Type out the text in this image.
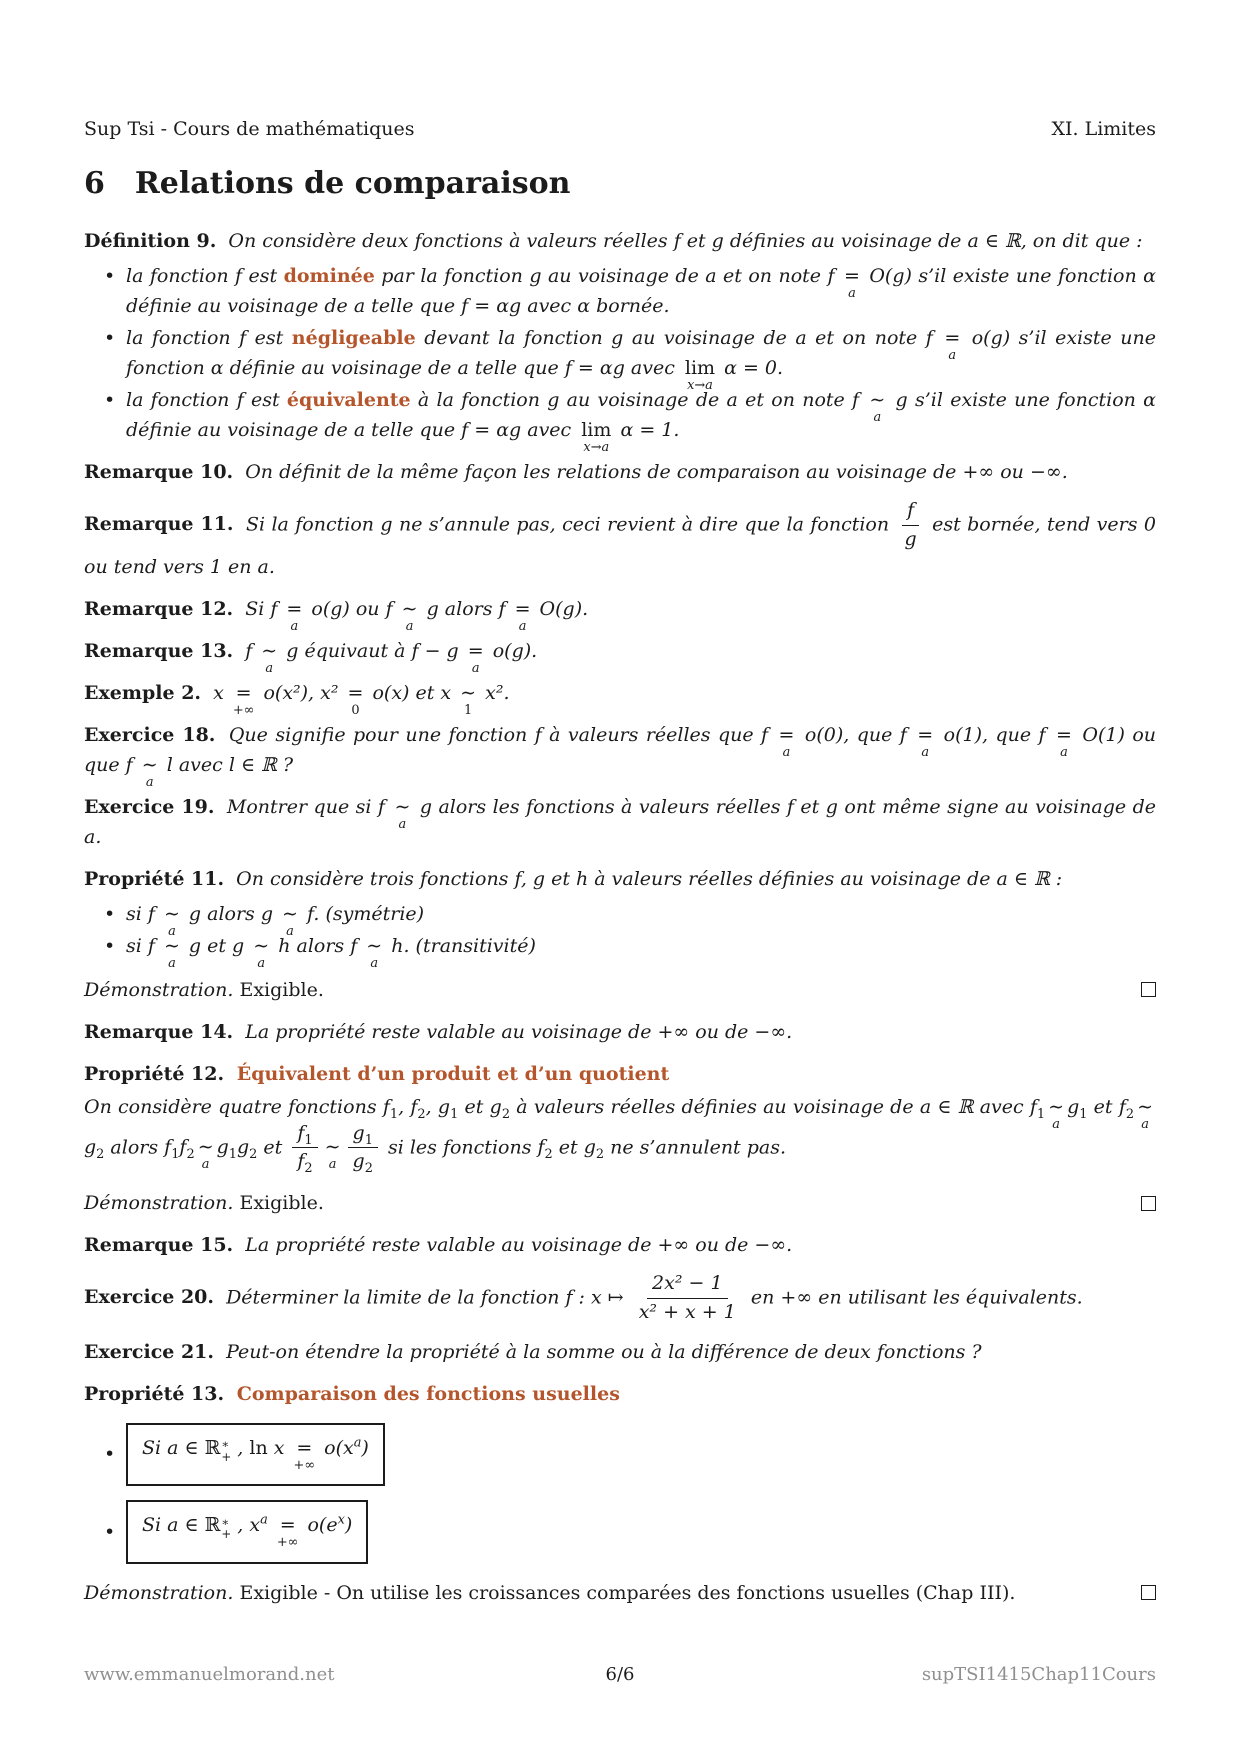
Sup Tsi - Cours de mathématiques	XI. Limites
6 Relations de comparaison
Définition 9. On considère deux fonctions à valeurs réelles f et g définies au voisinage de a ∈ ℝ, on dit que :
• la fonction f est dominée par la fonction g au voisinage de a et on note f =
a
O(g) s’il existe une fonction α définie au voisinage de a telle que f = αg avec α bornée.
• la fonction f est négligeable devant la fonction g au voisinage de a et on note f =
a
o(g) s’il existe une fonction α définie au voisinage de a telle que f = αg avec lim
x→a
α = 0.
• la fonction f est équivalente à la fonction g au voisinage de a et on note f ∼
a
g s’il existe une fonction α définie au voisinage de a telle que f = αg avec lim
x→a
α = 1.
Remarque 10. On définit de la même façon les relations de comparaison au voisinage de +∞ ou −∞.
Remarque 11. Si la fonction g ne s’annule pas, ceci revient à dire que la fonction $\frac{f}{g}$ est bornée, tend vers 0 ou tend vers 1 en a.
Remarque 12. Si f =
a
o(g) ou f ∼
a
g alors f =
a
O(g).
Remarque 13. f ∼
a
g équivaut à f − g =
a
o(g).
Exemple 2. x =
+∞
o(x²), x² =
0
o(x) et x ∼
1
x².
Exercice 18. Que signifie pour une fonction f à valeurs réelles que f =
a
o(0), que f =
a
o(1), que f =
a
O(1) ou que f ∼
a
l avec l ∈ ℝ ?
Exercice 19. Montrer que si f ∼
a
g alors les fonctions à valeurs réelles f et g ont même signe au voisinage de a.
Propriété 11. On considère trois fonctions f, g et h à valeurs réelles définies au voisinage de a ∈ ℝ :
• si f ∼
a
g alors g ∼
a
f. (symétrie)
• si f ∼
a
g et g ∼
a
h alors f ∼
a
h. (transitivité)
Démonstration. Exigible.
Remarque 14. La propriété reste valable au voisinage de +∞ ou de −∞.
Propriété 12. Équivalent d’un produit et d’un quotient
On considère quatre fonctions $f_1$, $f_2$, $g_1$ et $g_2$ à valeurs réelles définies au voisinage de a ∈ ℝ avec $f_1$ ∼
a
$g_1$ et $f_2$ ∼
a
$g_2$ alors $f_1f_2$ ∼
a
$g_1g_2$ et $\frac{f_1}{f_2}$ ∼
a $\frac{g_1}{g_2}$ si les fonctions $f_2$ et $g_2$ ne s’annulent pas.
Démonstration. Exigible.
Remarque 15. La propriété reste valable au voisinage de +∞ ou de −∞.
Exercice 20. Déterminer la limite de la fonction f : x ↦ $\frac{\text{2x² − 1}}{\text{x² + x + 1}}$ en +∞ en utilisant les équivalents.
Exercice 21. Peut-on étendre la propriété à la somme ou à la différence de deux fonctions ?
Propriété 13. Comparaison des fonctions usuelles
•	Si a ∈ ℝ ∗
+ , ln x =
+∞
$o(x^a)$
•	Si a ∈ ℝ ∗
+ , $x^a$ =
+∞
$o(e^x)$
Démonstration. Exigible - On utilise les croissances comparées des fonctions usuelles (Chap III).
www.emmanuelmorand.net	6/6	supTSI1415Chap11Cours
